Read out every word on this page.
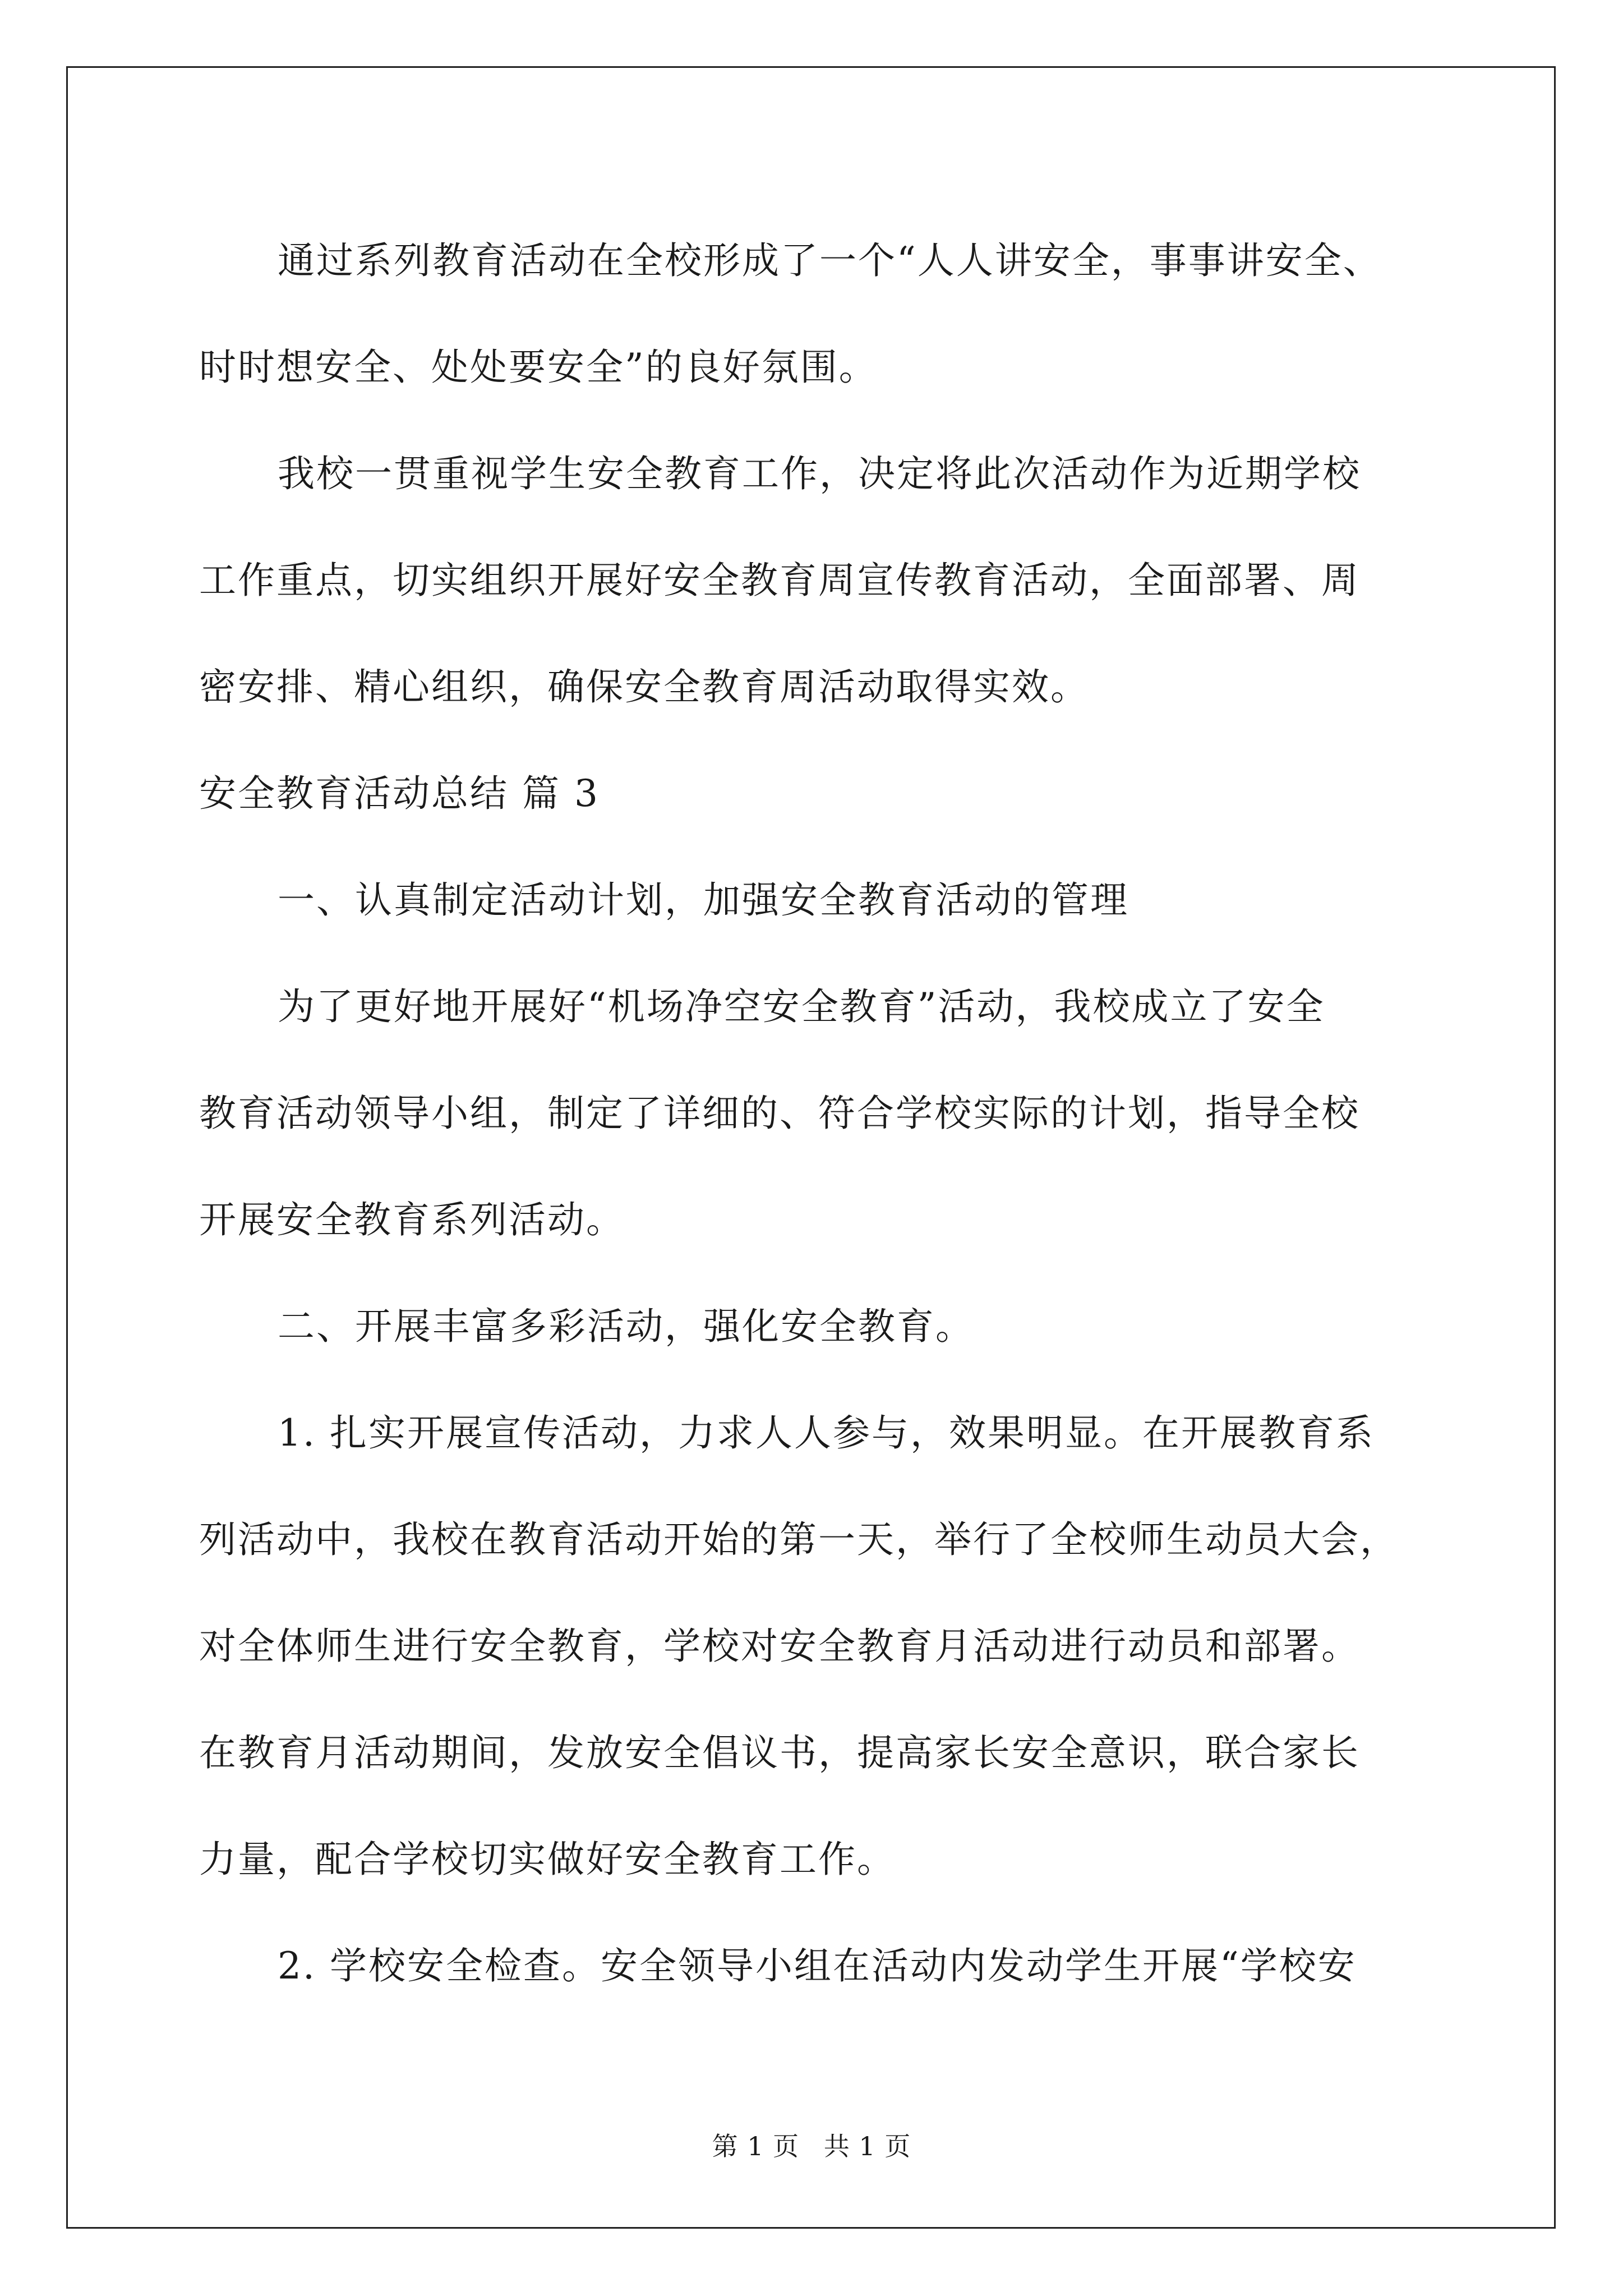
通过系列教育活动在全校形成了一个“人人讲安全，事事讲安全、

时时想安全、处处要安全”的良好氛围。

我校一贯重视学生安全教育工作，决定将此次活动作为近期学校

工作重点，切实组织开展好安全教育周宣传教育活动，全面部署、周

密安排、精心组织，确保安全教育周活动取得实效。

安全教育活动总结 篇 3

一、认真制定活动计划，加强安全教育活动的管理

为了更好地开展好“机场净空安全教育”活动，我校成立了安全

教育活动领导小组，制定了详细的、符合学校实际的计划，指导全校

开展安全教育系列活动。

二、开展丰富多彩活动，强化安全教育。

1. 扎实开展宣传活动，力求人人参与，效果明显。在开展教育系

列活动中，我校在教育活动开始的第一天，举行了全校师生动员大会，

对全体师生进行安全教育，学校对安全教育月活动进行动员和部署。

在教育月活动期间，发放安全倡议书，提高家长安全意识，联合家长

力量，配合学校切实做好安全教育工作。

2. 学校安全检查。安全领导小组在活动内发动学生开展“学校安

第 1 页 共 1 页
